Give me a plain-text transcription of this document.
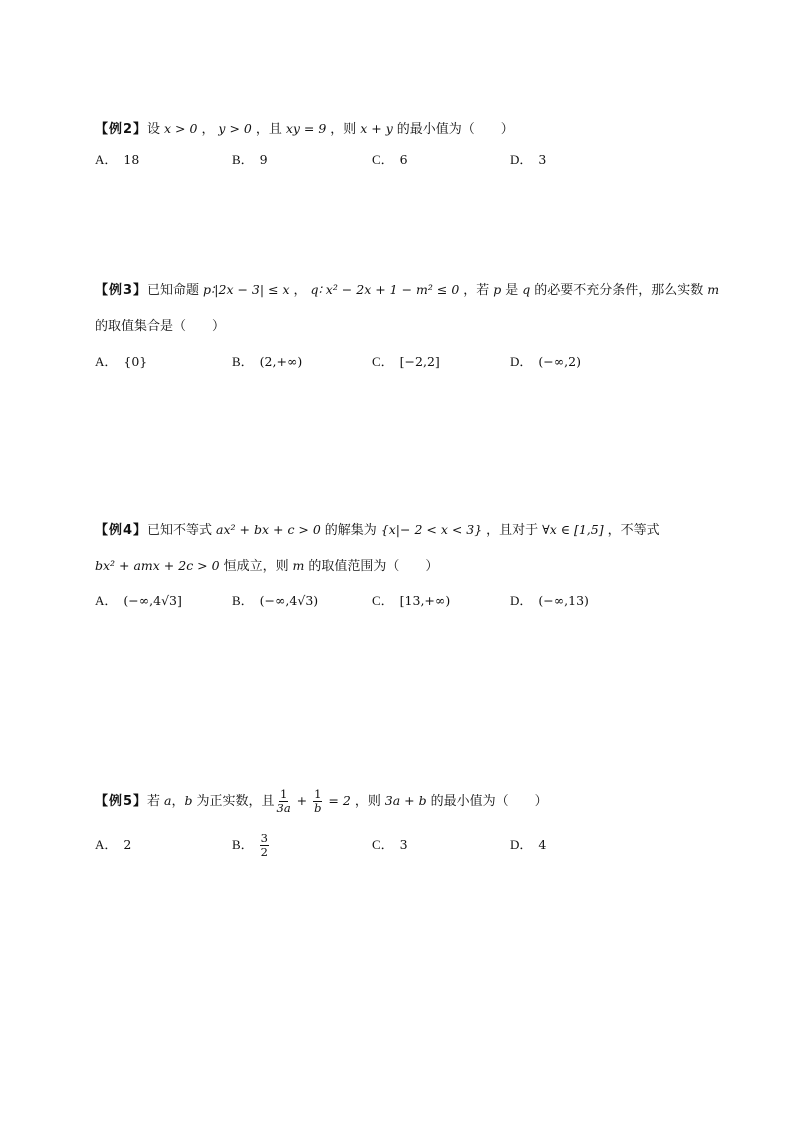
【例2】设 x > 0 ， y > 0 ，且 xy = 9 ，则 x + y 的最小值为（　　）
A． 18	B． 9	C． 6	D． 3
【例3】已知命题 p∶|2x − 3| ≤ x ， q∶ x² − 2x + 1 − m² ≤ 0 ，若 p 是 q 的必要不充分条件，那么实数 m
的取值集合是（　　）
A． {0}	B． (2,+∞)	C． [−2,2]	D． (−∞,2)
【例4】已知不等式 ax² + bx + c > 0 的解集为 {x|− 2 < x < 3} ，且对于 ∀x ∈ [1,5] ，不等式
bx² + amx + 2c > 0 恒成立，则 m 的取值范围为（　　）
A． (−∞,4√3]	B． (−∞,4√3)	C． [13,+∞)	D． (−∞,13)
【例5】若 a，b 为正实数，且 $\frac{1}{3a} + \frac{1}{b} = 2$ ，则 3a + b 的最小值为（　　）
A． 2	B． $\frac{3}{2}$	C． 3	D． 4
